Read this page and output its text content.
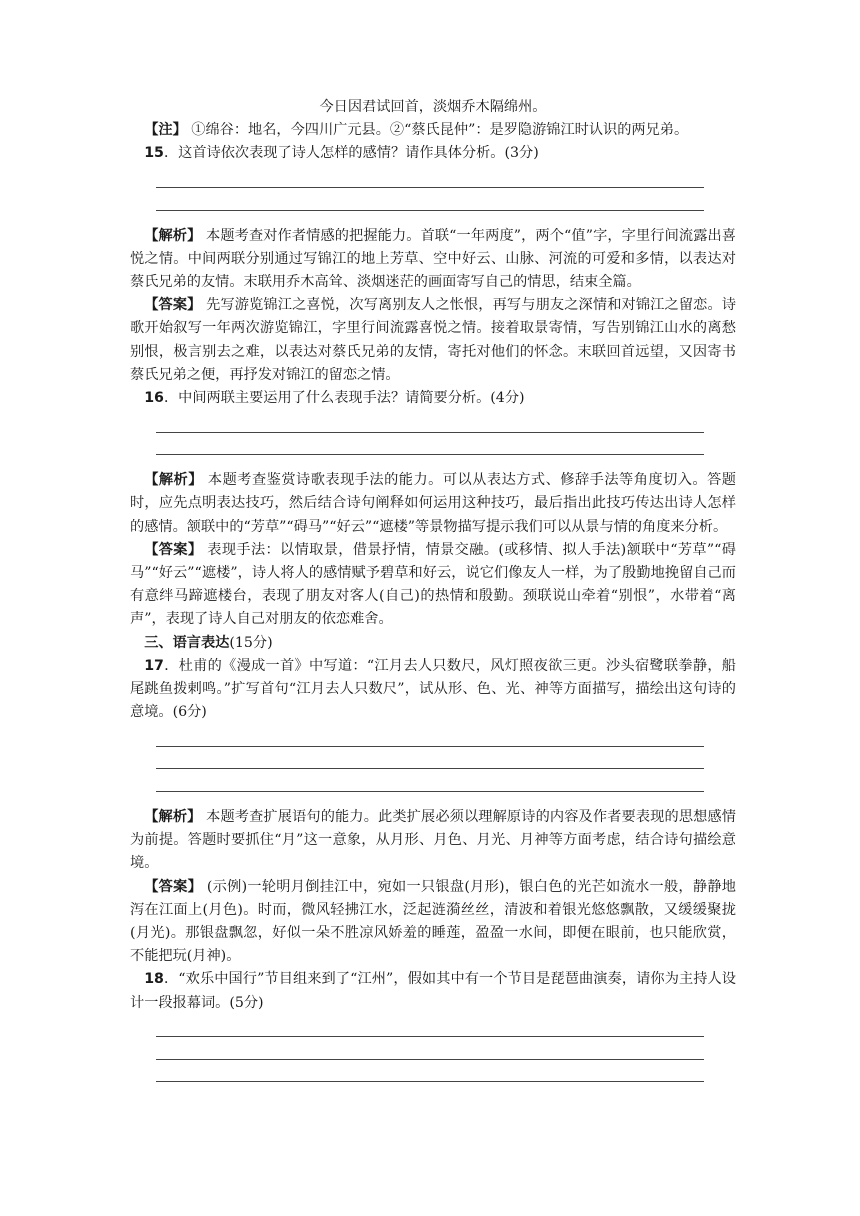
今日因君试回首，淡烟乔木隔绵州。

【注】 ①绵谷：地名，今四川广元县。②“蔡氏昆仲”：是罗隐游锦江时认识的两兄弟。

15．这首诗依次表现了诗人怎样的感情？请作具体分析。(3分)

【解析】 本题考查对作者情感的把握能力。首联“一年两度”，两个“值”字，字里行间流露出喜悦之情。中间两联分别通过写锦江的地上芳草、空中好云、山脉、河流的可爱和多情，以表达对蔡氏兄弟的友情。末联用乔木高耸、淡烟迷茫的画面寄写自己的情思，结束全篇。

【答案】 先写游览锦江之喜悦，次写离别友人之怅恨，再写与朋友之深情和对锦江之留恋。诗歌开始叙写一年两次游览锦江，字里行间流露喜悦之情。接着取景寄情，写告别锦江山水的离愁别恨，极言别去之难，以表达对蔡氏兄弟的友情，寄托对他们的怀念。末联回首远望，又因寄书蔡氏兄弟之便，再抒发对锦江的留恋之情。

16．中间两联主要运用了什么表现手法？请简要分析。(4分)

【解析】 本题考查鉴赏诗歌表现手法的能力。可以从表达方式、修辞手法等角度切入。答题时，应先点明表达技巧，然后结合诗句阐释如何运用这种技巧，最后指出此技巧传达出诗人怎样的感情。颔联中的“芳草”“碍马”“好云”“遮楼”等景物描写提示我们可以从景与情的角度来分析。

【答案】 表现手法：以情取景，借景抒情，情景交融。(或移情、拟人手法)颔联中“芳草”“碍马”“好云”“遮楼”，诗人将人的感情赋予碧草和好云，说它们像友人一样，为了殷勤地挽留自己而有意绊马蹄遮楼台，表现了朋友对客人(自己)的热情和殷勤。颈联说山牵着“别恨”，水带着“离声”，表现了诗人自己对朋友的依恋难舍。

三、语言表达(15分)

17．杜甫的《漫成一首》中写道：“江月去人只数尺，风灯照夜欲三更。沙头宿鹭联拳静，船尾跳鱼拨剌鸣。”扩写首句“江月去人只数尺”，试从形、色、光、神等方面描写，描绘出这句诗的意境。(6分)

【解析】 本题考查扩展语句的能力。此类扩展必须以理解原诗的内容及作者要表现的思想感情为前提。答题时要抓住“月”这一意象，从月形、月色、月光、月神等方面考虑，结合诗句描绘意境。

【答案】 (示例)一轮明月倒挂江中，宛如一只银盘(月形)，银白色的光芒如流水一般，静静地泻在江面上(月色)。时而，微风轻拂江水，泛起涟漪丝丝，清波和着银光悠悠飘散，又缓缓聚拢(月光)。那银盘飘忽，好似一朵不胜凉风娇羞的睡莲，盈盈一水间，即便在眼前，也只能欣赏，不能把玩(月神)。

18．“欢乐中国行”节目组来到了“江州”，假如其中有一个节目是琵琶曲演奏，请你为主持人设计一段报幕词。(5分)
